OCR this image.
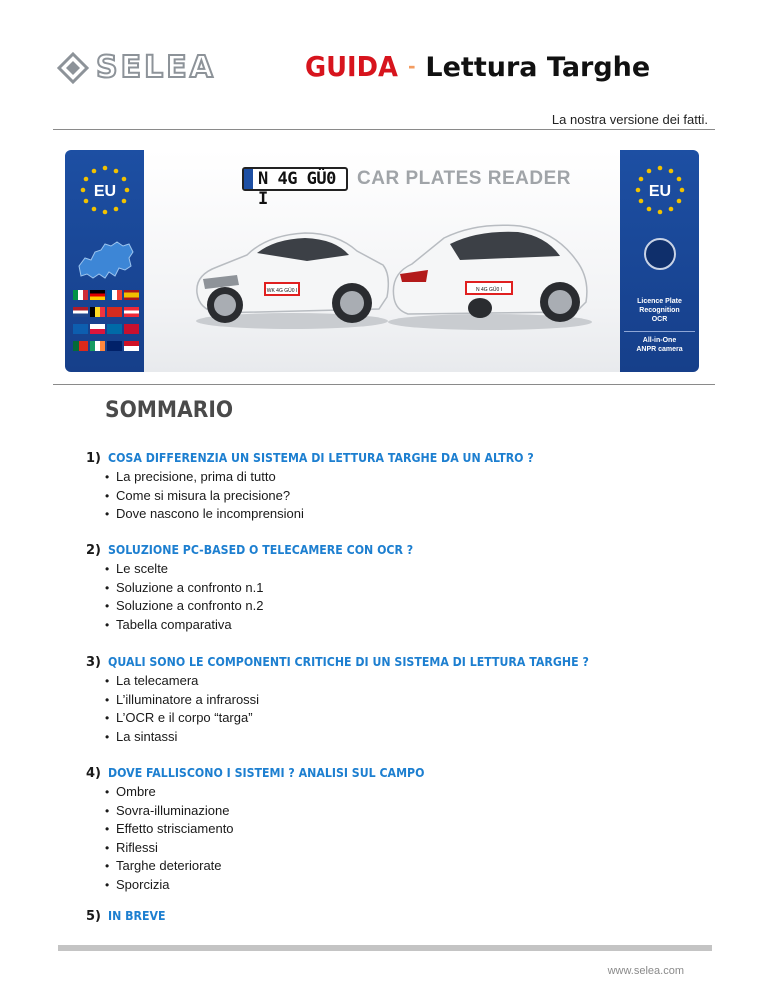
SELEA	GUIDA - Lettura Targhe
La nostra versione dei fatti.
EU
N 4G GÜ0 I
CAR PLATES READER
WK 4G GÜ0 I	N 4G GÜ0 I
EU
Licence Plate
Recognition
OCR
All-in-One
ANPR camera
SOMMARIO
1) COSA DIFFERENZIA UN SISTEMA DI LETTURA TARGHE DA UN ALTRO ?
• La precisione, prima di tutto
• Come si misura la precisione?
• Dove nascono le incomprensioni
2) SOLUZIONE PC-BASED O TELECAMERE CON OCR ?
• Le scelte
• Soluzione a confronto n.1
• Soluzione a confronto n.2
• Tabella comparativa
3) QUALI SONO LE COMPONENTI CRITICHE DI UN SISTEMA DI LETTURA TARGHE ?
• La telecamera
• L’illuminatore a infrarossi
• L’OCR e il corpo “targa”
• La sintassi
4) DOVE FALLISCONO I SISTEMI ? ANALISI SUL CAMPO
• Ombre
• Sovra-illuminazione
• Effetto strisciamento
• Riflessi
• Targhe deteriorate
• Sporcizia
5) IN BREVE
www.selea.com
